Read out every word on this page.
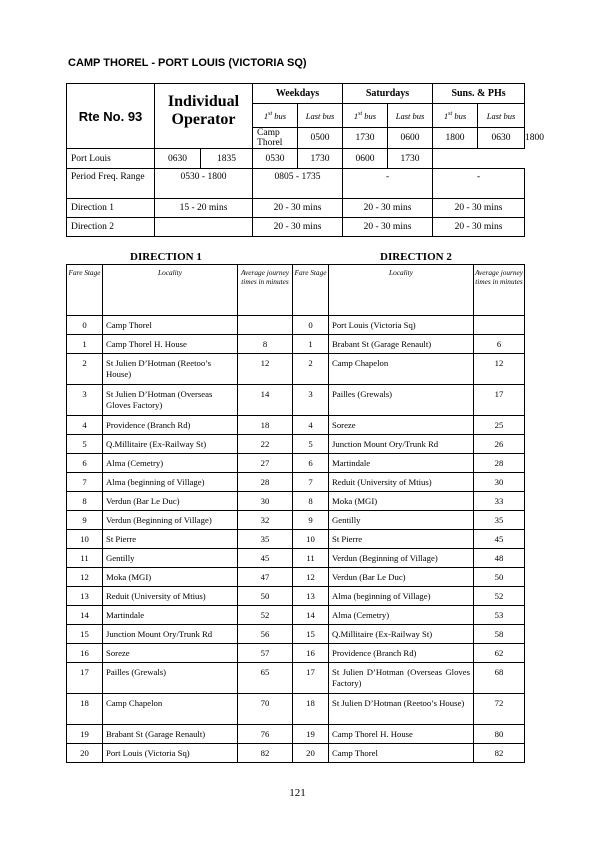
CAMP THOREL - PORT LOUIS (VICTORIA SQ)
Rte No. 93	Individual Operator		Weekdays		Saturdays		Suns. & PHs		
			1st bus	Last bus	1st bus	Last bus	1st bus	Last bus	
			Camp Thorel	0500	1730	0600	1800	0630	1800
Port Louis	0630	1835	0530	1730	0600	1730			
Period Freq. Range	0530 - 1800		0805 - 1735		-		-		
Direction 1	15 - 20 mins		20 - 30 mins		20 - 30 mins		20 - 30 mins		
Direction 2			20 - 30 mins		20 - 30 mins		20 - 30 mins		
DIRECTION 1	DIRECTION 2
Fare Stage	Locality	Average journey times in minutes	Fare Stage	Locality	Average journey times in minutes
0	Camp Thorel		0	Port Louis (Victoria Sq)	
1	Camp Thorel H. House	8	1	Brabant St (Garage Renault)	6
2	St Julien D’Hotman (Reetoo’s House)	12	2	Camp Chapelon	12
3	St Julien D’Hotman (Overseas Gloves Factory)	14	3	Pailles (Grewals)	17
4	Providence (Branch Rd)	18	4	Soreze	25
5	Q.Millitaire (Ex-Railway St)	22	5	Junction Mount Ory/Trunk Rd	26
6	Alma (Cemetry)	27	6	Martindale	28
7	Alma (beginning of Village)	28	7	Reduit (University of Mtius)	30
8	Verdun (Bar Le Duc)	30	8	Moka (MGI)	33
9	Verdun (Beginning of Village)	32	9	Gentilly	35
10	St Pierre	35	10	St Pierre	45
11	Gentilly	45	11	Verdun (Beginning of Village)	48
12	Moka (MGI)	47	12	Verdun (Bar Le Duc)	50
13	Reduit (University of Mtius)	50	13	Alma (beginning of Village)	52
14	Martindale	52	14	Alma (Cemetry)	53
15	Junction Mount Ory/Trunk Rd	56	15	Q.Millitaire (Ex-Railway St)	58
16	Soreze	57	16	Providence (Branch Rd)	62
17	Pailles (Grewals)	65	17	St Julien D’Hotman (Overseas Gloves Factory)	68
18	Camp Chapelon	70	18	St Julien D’Hotman (Reetoo’s House)	72
19	Brabant St (Garage Renault)	76	19	Camp Thorel H. House	80
20	Port Louis (Victoria Sq)	82	20	Camp Thorel	82
121
